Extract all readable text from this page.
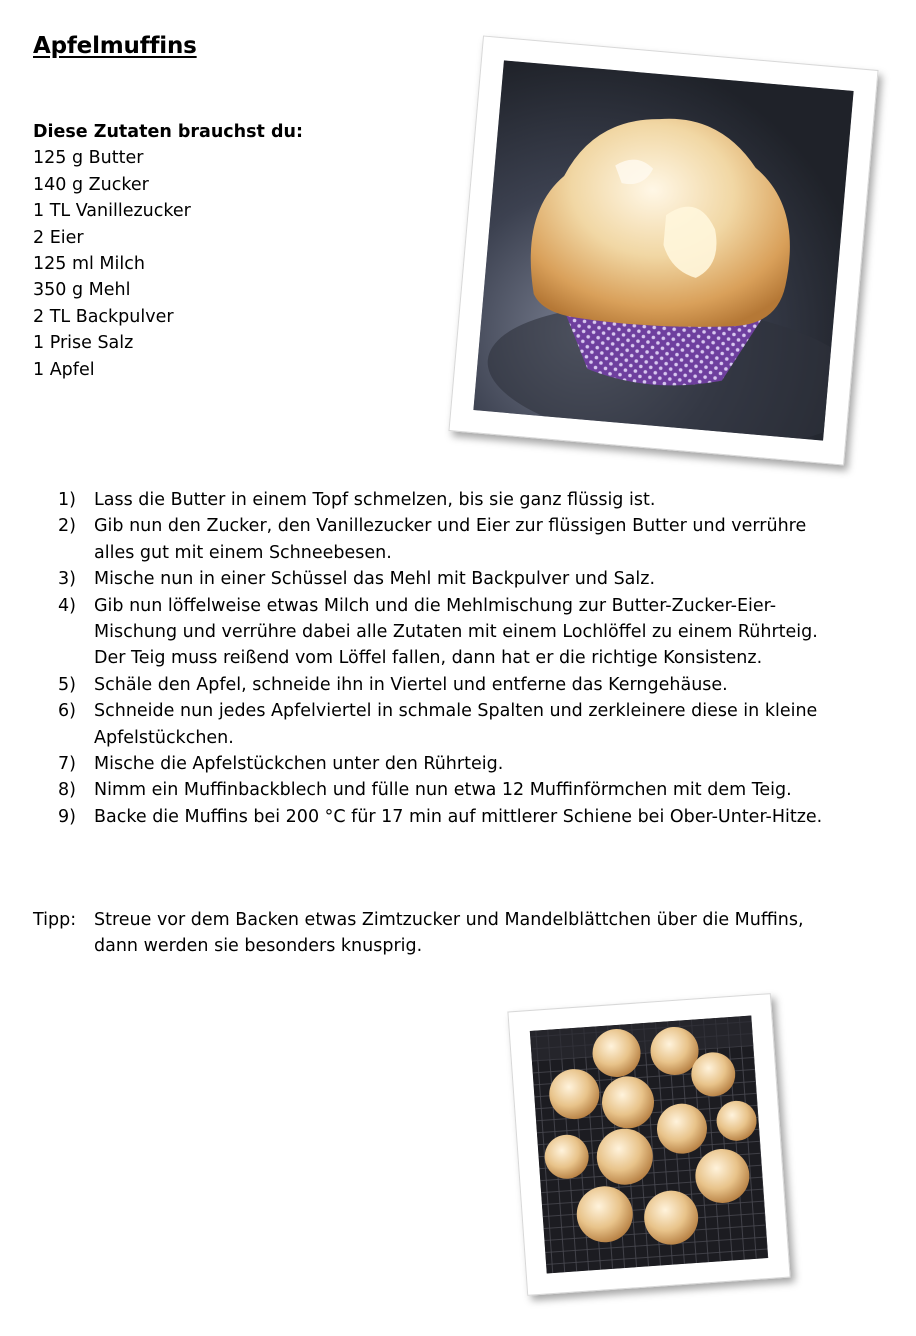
Apfelmuffins
Diese Zutaten brauchst du:
125 g Butter
140 g Zucker
1 TL Vanillezucker
2 Eier
125 ml Milch
350 g Mehl
2 TL Backpulver
1 Prise Salz
1 Apfel
1)	Lass die Butter in einem Topf schmelzen, bis sie ganz flüssig ist.
2)	Gib nun den Zucker, den Vanillezucker und Eier zur flüssigen Butter und verrühre alles gut mit einem Schneebesen.
3)	Mische nun in einer Schüssel das Mehl mit Backpulver und Salz.
4)	Gib nun löffelweise etwas Milch und die Mehlmischung zur Butter-Zucker-Eier-Mischung und verrühre dabei alle Zutaten mit einem Lochlöffel zu einem Rührteig. Der Teig muss reißend vom Löffel fallen, dann hat er die richtige Konsistenz.
5)	Schäle den Apfel, schneide ihn in Viertel und entferne das Kerngehäuse.
6)	Schneide nun jedes Apfelviertel in schmale Spalten und zerkleinere diese in kleine Apfelstückchen.
7)	Mische die Apfelstückchen unter den Rührteig.
8)	Nimm ein Muffinbackblech und fülle nun etwa 12 Muffinförmchen mit dem Teig.
9)	Backe die Muffins bei 200 °C für 17 min auf mittlerer Schiene bei Ober-Unter-Hitze.
Tipp:	Streue vor dem Backen etwas Zimtzucker und Mandelblättchen über die Muffins, dann werden sie besonders knusprig.
